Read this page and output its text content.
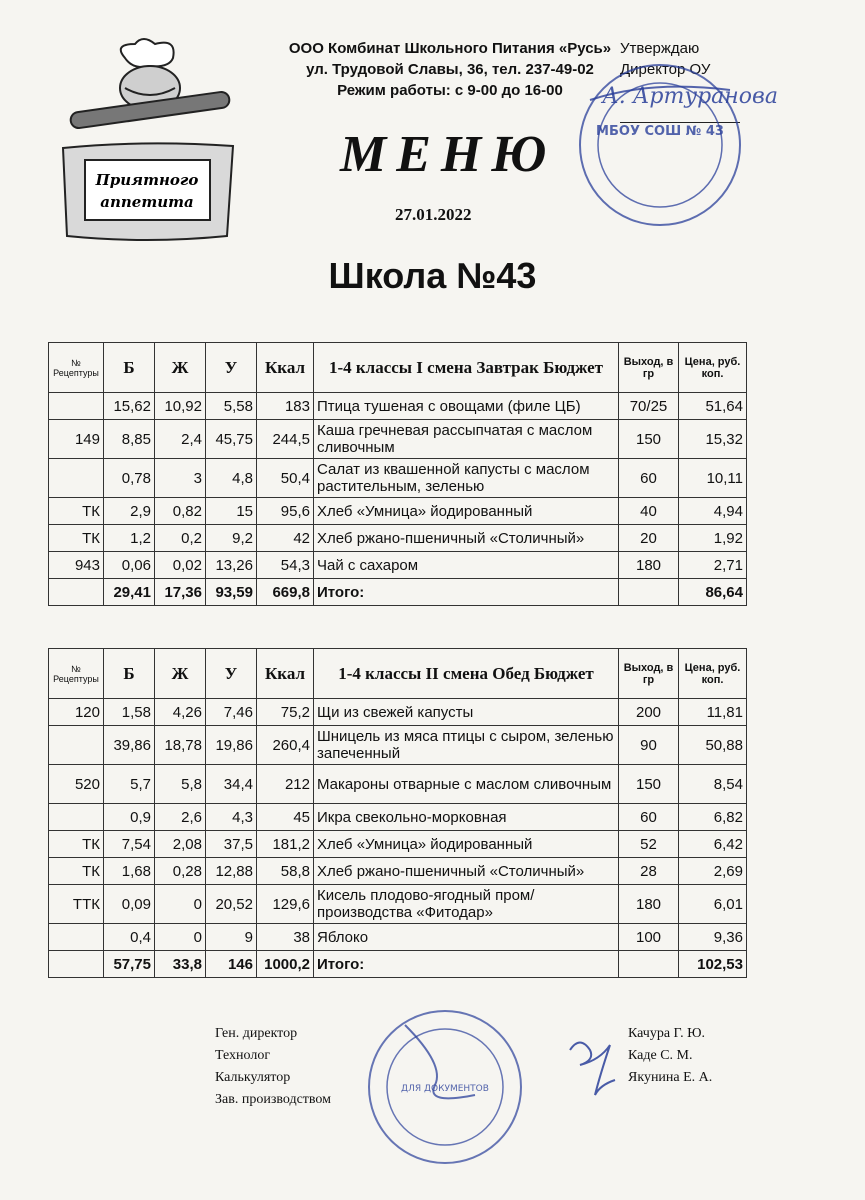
Приятного
аппетита
ООО Комбинат Школьного Питания «Русь»
ул. Трудовой Славы, 36, тел. 237-49-02
Режим работы: с 9-00 до 16-00
Утверждаю
Директор ОУ
МБОУ СОШ № 43
А. Артуранова
МЕНЮ
27.01.2022
Школа №43
№ Рецептуры	Б	Ж	У	Ккал	1-4 классы I смена Завтрак Бюджет	Выход, в гр	Цена, руб. коп.
	15,62	10,92	5,58	183	Птица тушеная с овощами (филе ЦБ)	70/25	51,64
149	8,85	2,4	45,75	244,5	Каша гречневая рассыпчатая с маслом сливочным	150	15,32
	0,78	3	4,8	50,4	Салат из квашенной капусты с маслом растительным, зеленью	60	10,11
ТК	2,9	0,82	15	95,6	Хлеб «Умница» йодированный	40	4,94
ТК	1,2	0,2	9,2	42	Хлеб ржано-пшеничный «Столичный»	20	1,92
943	0,06	0,02	13,26	54,3	Чай с сахаром	180	2,71
	29,41	17,36	93,59	669,8	Итого:		86,64
№ Рецептуры	Б	Ж	У	Ккал	1-4 классы II смена Обед Бюджет	Выход, в гр	Цена, руб. коп.
120	1,58	4,26	7,46	75,2	Щи из свежей капусты	200	11,81
	39,86	18,78	19,86	260,4	Шницель из мяса птицы с сыром, зеленью запеченный	90	50,88
520	5,7	5,8	34,4	212	Макароны отварные с маслом сливочным	150	8,54
	0,9	2,6	4,3	45	Икра свекольно-морковная	60	6,82
ТК	7,54	2,08	37,5	181,2	Хлеб «Умница» йодированный	52	6,42
ТК	1,68	0,28	12,88	58,8	Хлеб ржано-пшеничный «Столичный»	28	2,69
ТТК	0,09	0	20,52	129,6	Кисель плодово-ягодный пром/производства «Фитодар»	180	6,01
	0,4	0	9	38	Яблоко	100	9,36
	57,75	33,8	146	1000,2	Итого:		102,53
Ген. директор
Технолог
Калькулятор
Зав. производством
ДЛЯ ДОКУМЕНТОВ
Качура Г. Ю.
Каде С. М.
Якунина Е. А.
